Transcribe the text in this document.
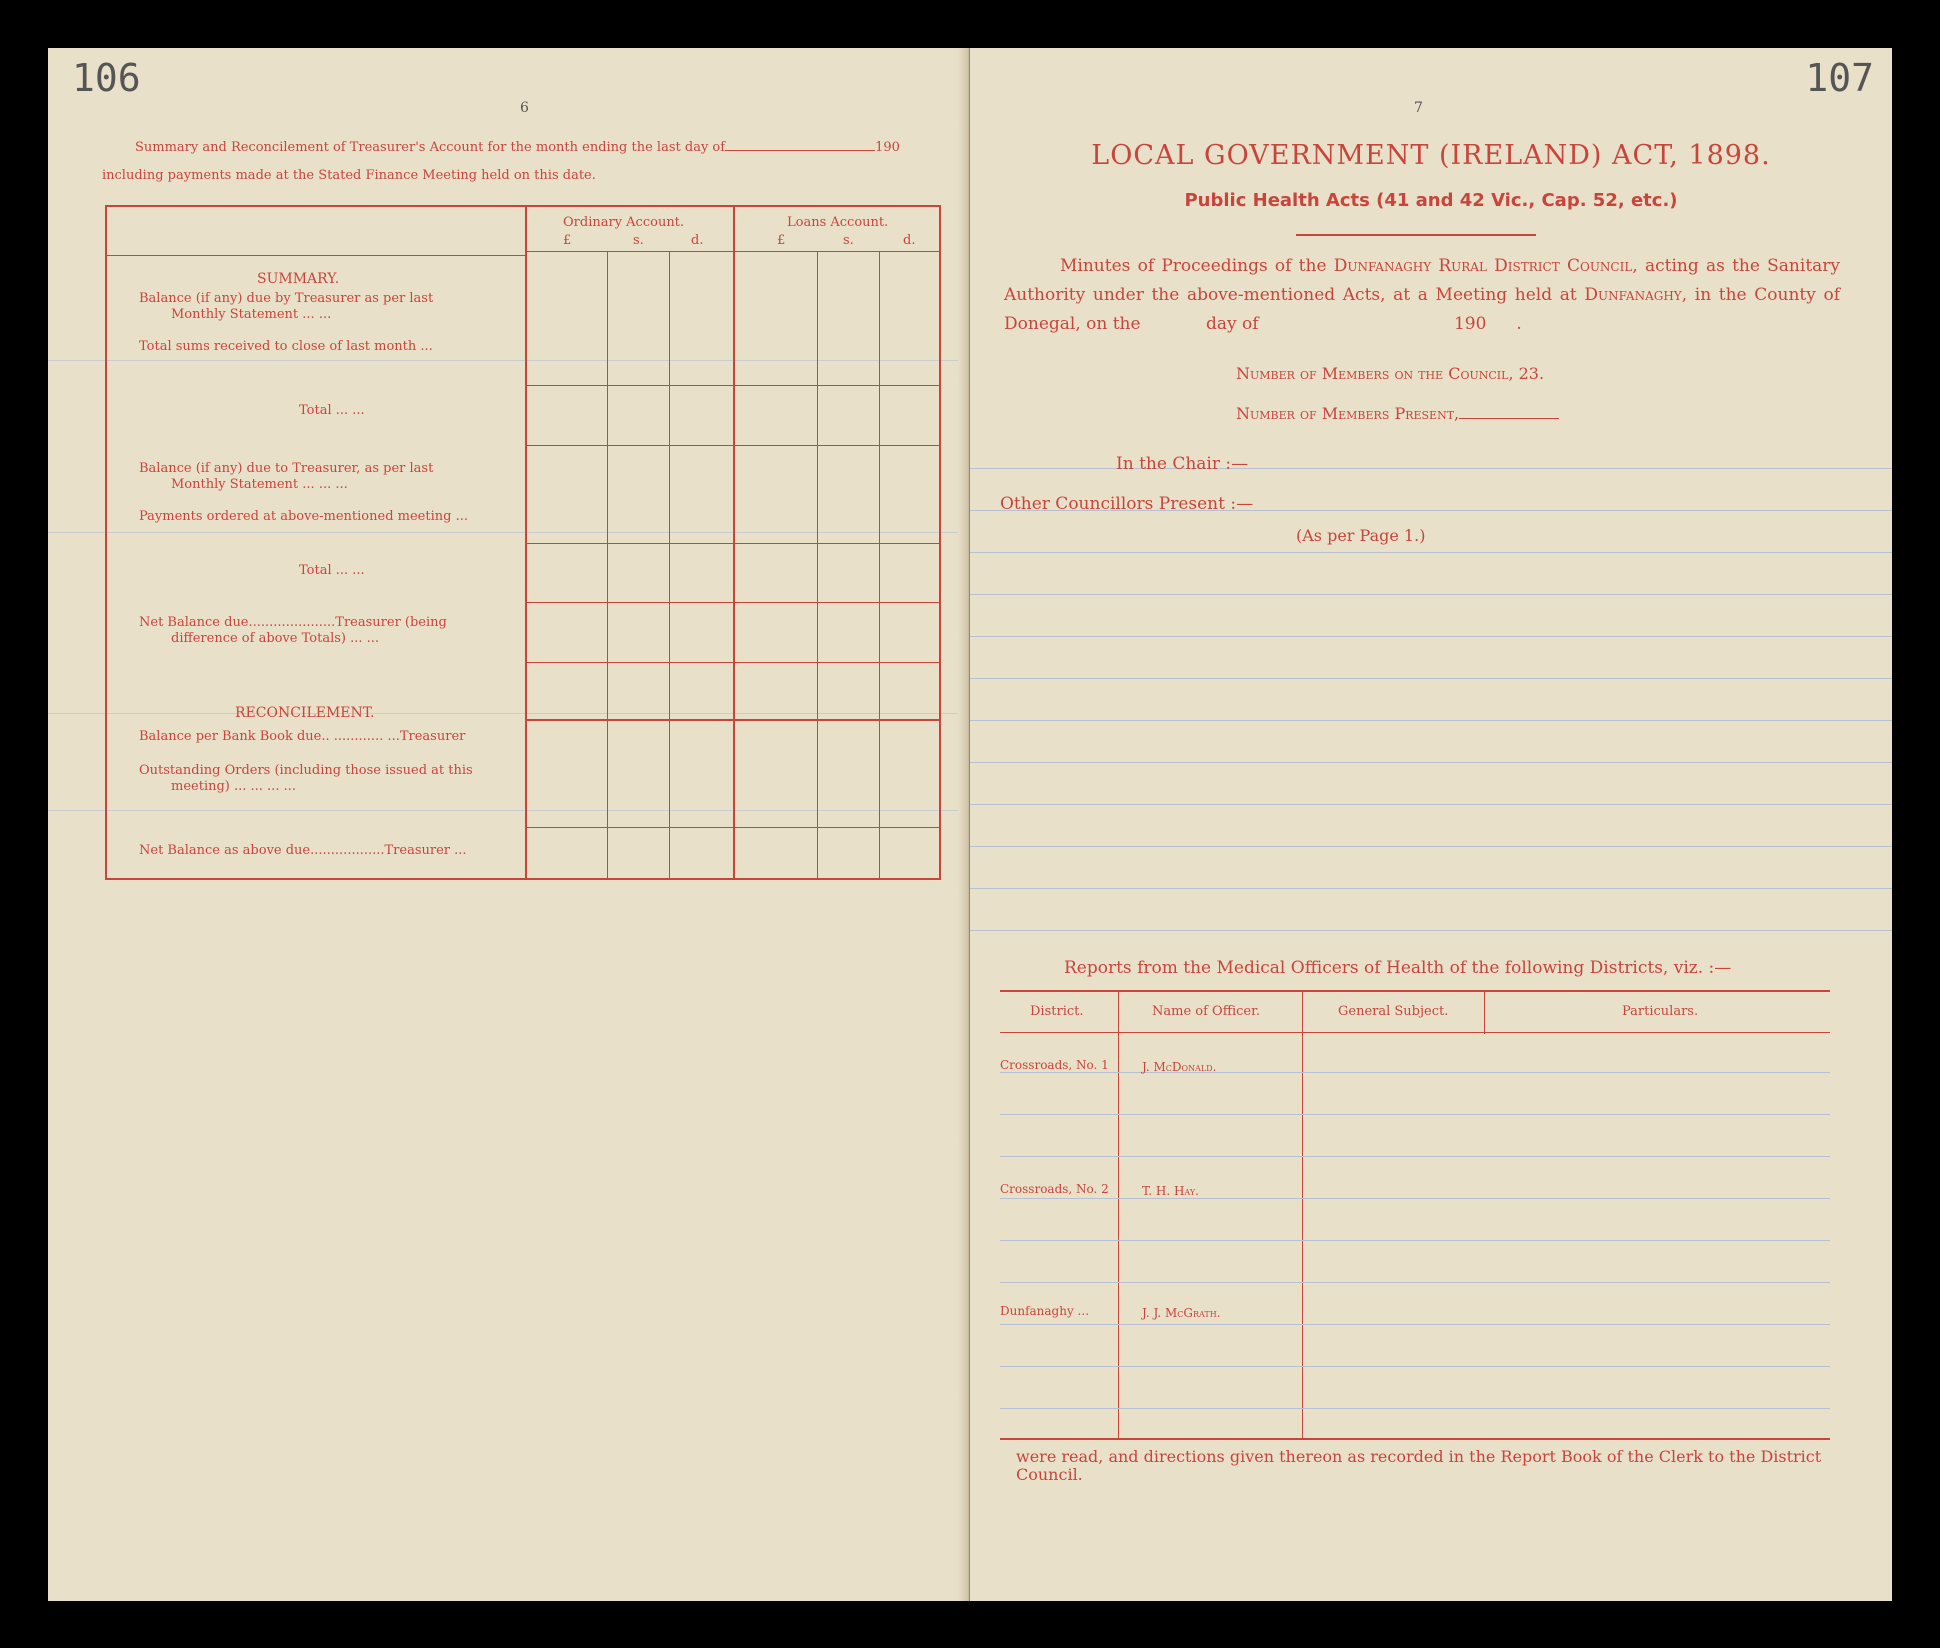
106
6
Summary and Reconcilement of Treasurer's Account for the month ending the last day of	190
including payments made at the Stated Finance Meeting held on this date.
Ordinary Account.	Loans Account.
£	s.	d.	£	s.	d.
SUMMARY.
Balance (if any) due by Treasurer as per last
Monthly Statement ... ...
Total sums received to close of last month ...
Total ... ...
Balance (if any) due to Treasurer, as per last
Monthly Statement ... ... ...
Payments ordered at above-mentioned meeting ...
Total ... ...
Net Balance due.....................Treasurer (being
difference of above Totals) ... ...
RECONCILEMENT.
Balance per Bank Book due.. ............ ...Treasurer
Outstanding Orders (including those issued at this
meeting) ... ... ... ...
Net Balance as above due..................Treasurer ...
107
7
LOCAL GOVERNMENT (IRELAND) ACT, 1898.
Public Health Acts (41 and 42 Vic., Cap. 52, etc.)
Minutes of Proceedings of the Dunfanaghy Rural District Council, acting as the Sanitary Authority under the above-mentioned Acts, at a Meeting held at Dunfanaghy, in the County of Donegal, on the	day of	190 .
Number of Members on the Council, 23.
Number of Members Present,
In the Chair :—
Other Councillors Present :—
(As per Page 1.)
Reports from the Medical Officers of Health of the following Districts, viz. :—
District.	Name of Officer.	General Subject.	Particulars.
Crossroads, No. 1	J. McDonald.
Crossroads, No. 2	T. H. Hay.
Dunfanaghy ...	J. J. McGrath.
were read, and directions given thereon as recorded in the Report Book of the Clerk to the District Council.
